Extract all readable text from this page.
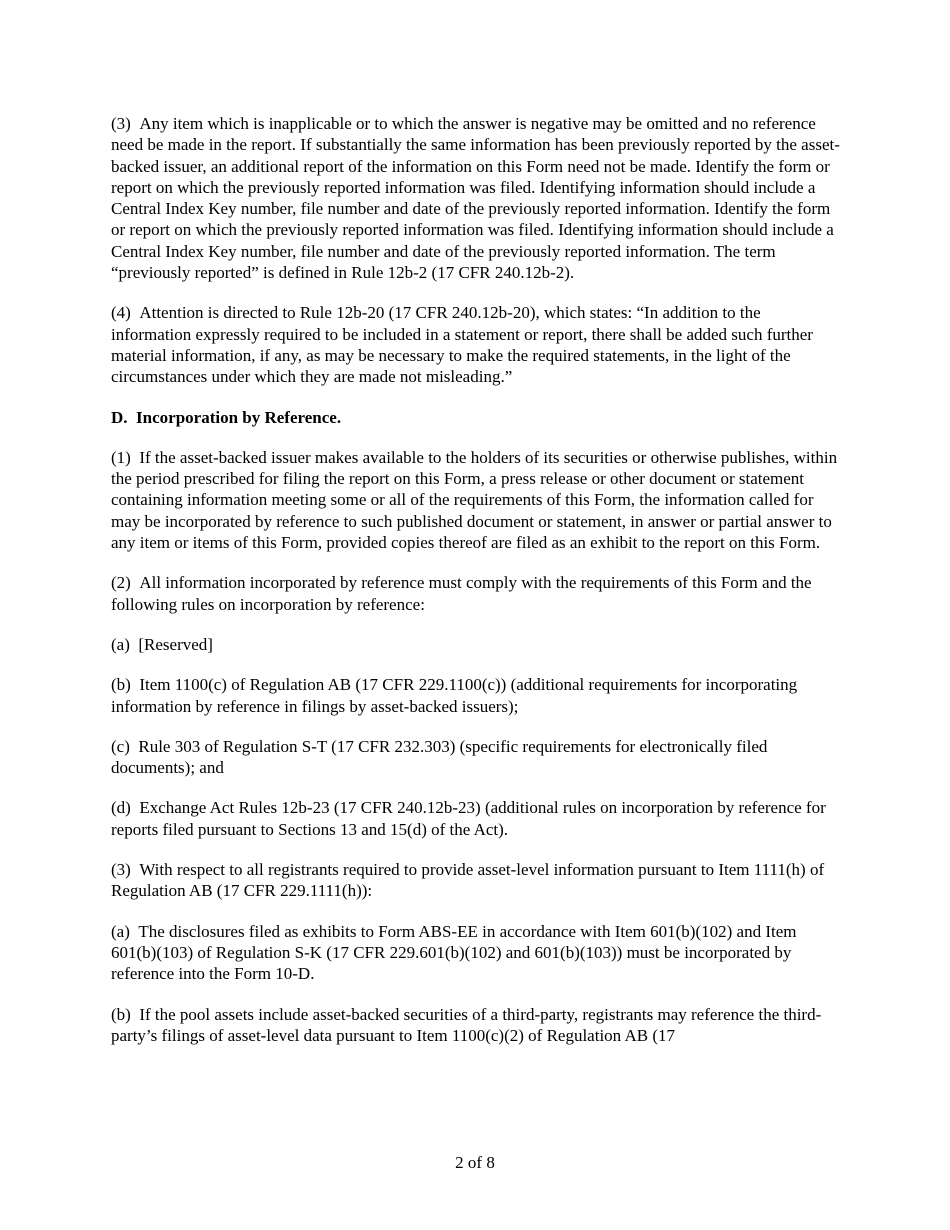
(3) Any item which is inapplicable or to which the answer is negative may be omitted and no reference need be made in the report. If substantially the same information has been previously reported by the asset-backed issuer, an additional report of the information on this Form need not be made. Identify the form or report on which the previously reported information was filed. Identifying information should include a Central Index Key number, file number and date of the previously reported information. Identify the form or report on which the previously reported information was filed. Identifying information should include a Central Index Key number, file number and date of the previously reported information. The term “previously reported” is defined in Rule 12b-2 (17 CFR 240.12b-2).

(4) Attention is directed to Rule 12b-20 (17 CFR 240.12b-20), which states: “In addition to the information expressly required to be included in a statement or report, there shall be added such further material information, if any, as may be necessary to make the required statements, in the light of the circumstances under which they are made not misleading.”

D. Incorporation by Reference.

(1) If the asset-backed issuer makes available to the holders of its securities or otherwise publishes, within the period prescribed for filing the report on this Form, a press release or other document or statement containing information meeting some or all of the requirements of this Form, the information called for may be incorporated by reference to such published document or statement, in answer or partial answer to any item or items of this Form, provided copies thereof are filed as an exhibit to the report on this Form.

(2) All information incorporated by reference must comply with the requirements of this Form and the following rules on incorporation by reference:

(a) [Reserved]

(b) Item 1100(c) of Regulation AB (17 CFR 229.1100(c)) (additional requirements for incorporating information by reference in filings by asset-backed issuers);

(c) Rule 303 of Regulation S-T (17 CFR 232.303) (specific requirements for electronically filed documents); and

(d) Exchange Act Rules 12b-23 (17 CFR 240.12b-23) (additional rules on incorporation by reference for reports filed pursuant to Sections 13 and 15(d) of the Act).

(3) With respect to all registrants required to provide asset-level information pursuant to Item 1111(h) of Regulation AB (17 CFR 229.1111(h)):

(a) The disclosures filed as exhibits to Form ABS-EE in accordance with Item 601(b)(102) and Item 601(b)(103) of Regulation S-K (17 CFR 229.601(b)(102) and 601(b)(103)) must be incorporated by reference into the Form 10-D.

(b) If the pool assets include asset-backed securities of a third-party, registrants may reference the third-party’s filings of asset-level data pursuant to Item 1100(c)(2) of Regulation AB (17

2 of 8
